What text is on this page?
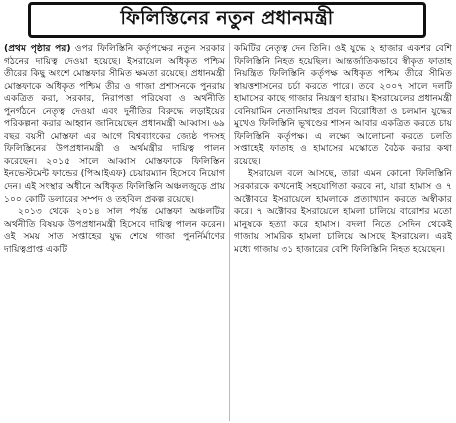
ফিলিস্তিনের নতুন প্রধানমন্ত্রী

(প্রথম পৃষ্ঠার পর) ওপর ফিলিস্তিনি কর্তৃপক্ষের নতুন সরকার গঠনের দায়িত্ব দেওয়া হয়েছে। ইসরায়েল অধিকৃত পশ্চিম তীরের কিছু অংশে মোস্তফার সীমিত ক্ষমতা রয়েছে। প্রধানমন্ত্রী মোস্তফাকে অধিকৃত পশ্চিম তীর ও গাজা প্রশাসনকে পুনরায় একত্রিত করা, সরকার, নিরাপত্তা পরিষেবা ও অর্থনীতি পুনর্গঠনে নেতৃত্ব দেওয়া এবং দুর্নীতির বিরুদ্ধে লড়াইয়ের পরিকল্পনা করার আহ্বান জানিয়েছেন প্রধানমন্ত্রী আব্বাস। ৬৯ বছর বয়সী মোস্তফা এর আগে বিশ্বব্যাংকের জ্যেষ্ঠ পদসহ ফিলিস্তিনের উপপ্রধানমন্ত্রী ও অর্থমন্ত্রীর দায়িত্ব পালন করেছেন। ২০১৫ সালে আব্বাস মোস্তফাকে ফিলিস্তিন ইনভেস্টমেন্ট ফান্ডের (পিআইএফ) চেয়ারম্যান হিসেবে নিয়োগ দেন। এই সংস্থার অধীনে অধিকৃত ফিলিস্তিনি অঞ্চলজুড়ে প্রায় ১০০ কোটি ডলারের সম্পদ ও তহবিল প্রকল্প রয়েছে।

২০১৩ থেকে ২০১৪ সাল পর্যন্ত মোস্তফা অঞ্চলটির অর্থনীতি বিষয়ক উপপ্রধানমন্ত্রী হিসেবে দায়িত্ব পালন করেন। ওই সময় সাত সপ্তাহের যুদ্ধ শেষে গাজা পুনর্নির্মাণের দায়িত্বপ্রাপ্ত একটি

কমিটির নেতৃত্ব দেন তিনি। ওই যুদ্ধে ২ হাজার একশর বেশি ফিলিস্তিনি নিহত হয়েছিল। আন্তর্জাতিকভাবে স্বীকৃত ফাতাহ নিয়ন্ত্রিত ফিলিস্তিনি কর্তৃপক্ষ অধিকৃত পশ্চিম তীরে সীমিত স্বায়ত্তশাসনের চর্চা করতে পারে। তবে ২০০৭ সালে দলটি হামাসের কাছে গাজার নিয়ন্ত্রণ হারায়। ইসরায়েলের প্রধানমন্ত্রী বেনিয়ামিন নেতানিয়াহুর প্রবল বিরোধিতা ও চলমান যুদ্ধের মুখেও ফিলিস্তিনি ভূখণ্ডের শাসন আবার একত্রিত করতে চায় ফিলিস্তিনি কর্তৃপক্ষ। এ লক্ষ্যে আলোচনা করতে চলতি সপ্তাহেই ফাতাহ ও হামাসের মস্কোতে বৈঠক করার কথা রয়েছে।

ইসরায়েল বলে আসছে, তারা এমন কোনো ফিলিস্তিনি সরকারকে কখনোই সহযোগিতা করবে না, যারা হামাস ও ৭ অক্টোবরে ইসরায়েলে হামলাকে প্রত্যাখ্যান করতে অস্বীকার করে। ৭ অক্টোবর ইসরায়েলে হামলা চালিয়ে বারোশর মতো মানুষকে হত্যা করে হামাস। বদলা নিতে সেদিন থেকেই গাজায় সামরিক হামলা চালিয়ে আসছে ইসরায়েল। এরই মধ্যে গাজায় ৩১ হাজারের বেশি ফিলিস্তিনি নিহত হয়েছেন।
